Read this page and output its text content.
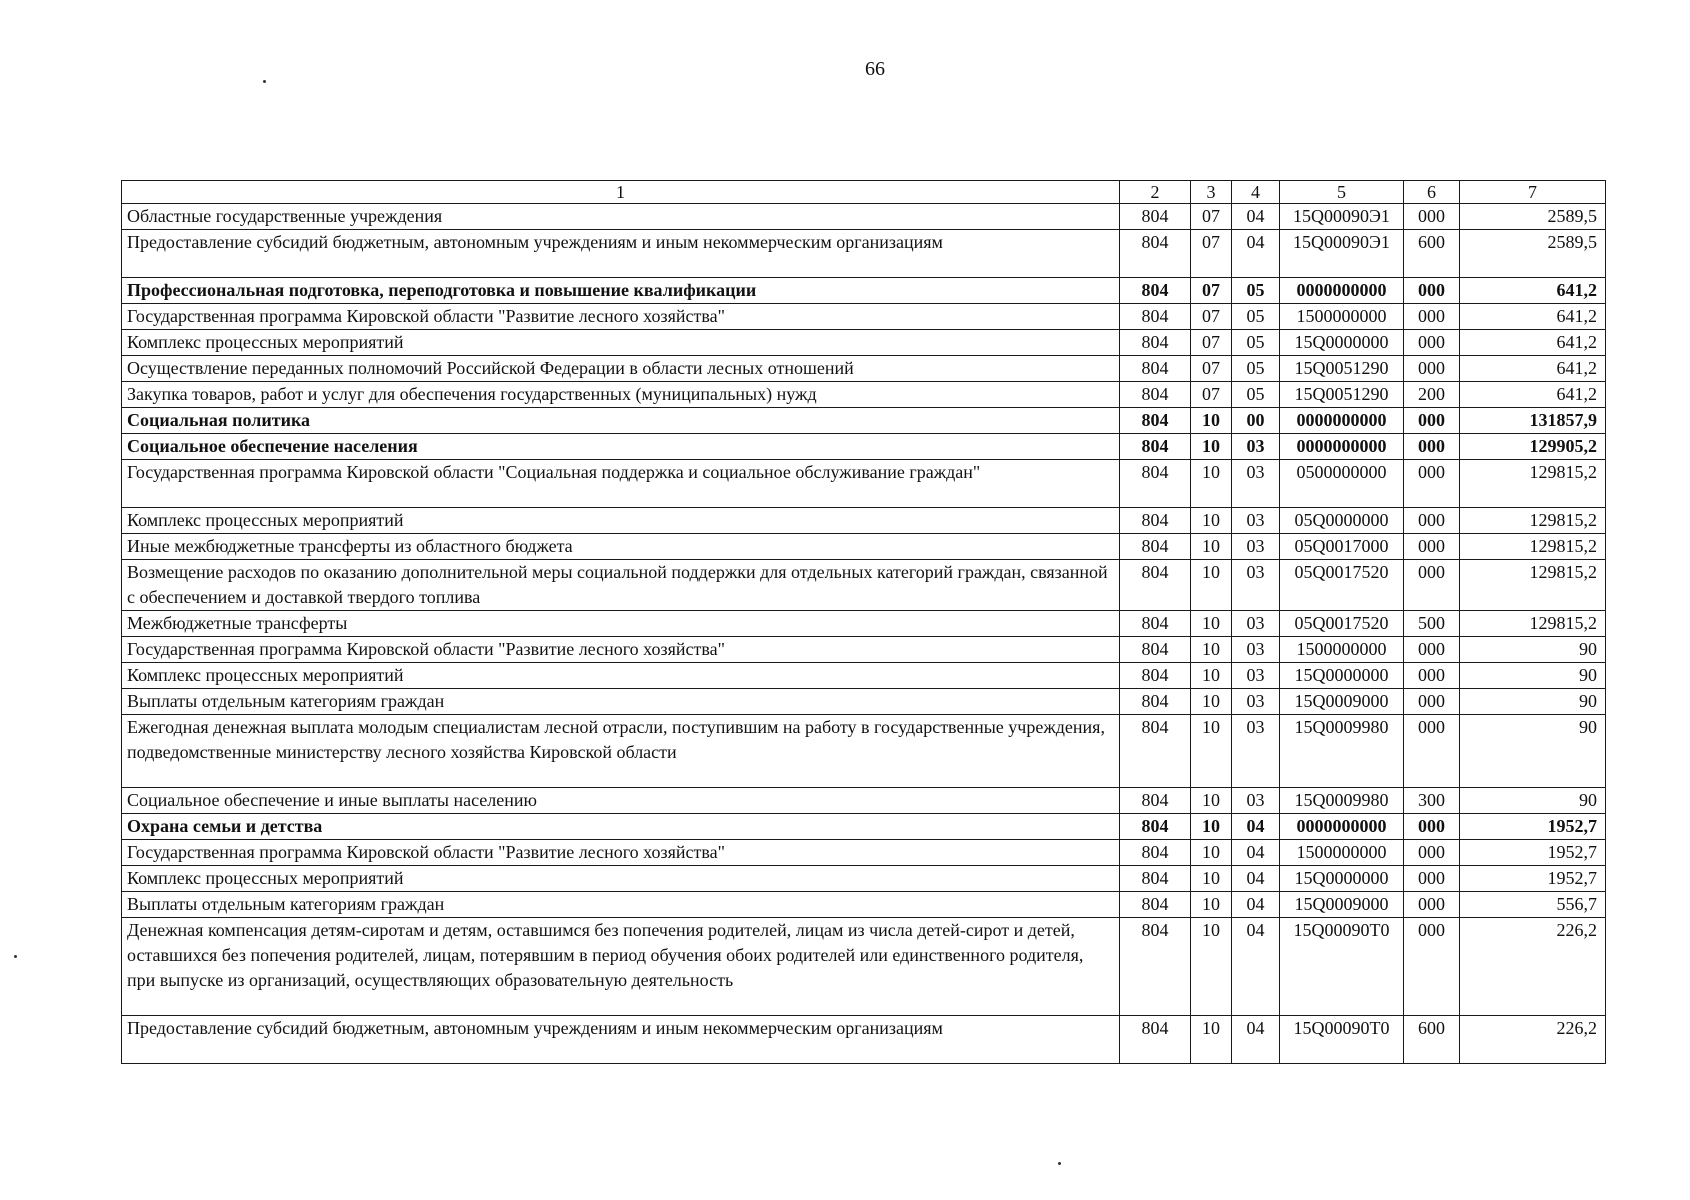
66
1	2	3	4	5	6	7
Областные государственные учреждения	804	07	04	15Q00090Э1	000	2589,5
Предоставление субсидий бюджетным, автономным учреждениям и иным некоммерческим организациям	804	07	04	15Q00090Э1	600	2589,5
Профессиональная подготовка, переподготовка и повышение квалификации	804	07	05	0000000000	000	641,2
Государственная программа Кировской области "Развитие лесного хозяйства"	804	07	05	1500000000	000	641,2
Комплекс процессных мероприятий	804	07	05	15Q0000000	000	641,2
Осуществление переданных полномочий Российской Федерации в области лесных отношений	804	07	05	15Q0051290	000	641,2
Закупка товаров, работ и услуг для обеспечения государственных (муниципальных) нужд	804	07	05	15Q0051290	200	641,2
Социальная политика	804	10	00	0000000000	000	131857,9
Социальное обеспечение населения	804	10	03	0000000000	000	129905,2
Государственная программа Кировской области "Социальная поддержка и социальное обслуживание граждан"	804	10	03	0500000000	000	129815,2
Комплекс процессных мероприятий	804	10	03	05Q0000000	000	129815,2
Иные межбюджетные трансферты из областного бюджета	804	10	03	05Q0017000	000	129815,2
Возмещение расходов по оказанию дополнительной меры социальной поддержки для отдельных категорий граждан, связанной с обеспечением и доставкой твердого топлива	804	10	03	05Q0017520	000	129815,2
Межбюджетные трансферты	804	10	03	05Q0017520	500	129815,2
Государственная программа Кировской области "Развитие лесного хозяйства"	804	10	03	1500000000	000	90
Комплекс процессных мероприятий	804	10	03	15Q0000000	000	90
Выплаты отдельным категориям граждан	804	10	03	15Q0009000	000	90
Ежегодная денежная выплата молодым специалистам лесной отрасли, поступившим на работу в государственные учреждения, подведомственные министерству лесного хозяйства Кировской области	804	10	03	15Q0009980	000	90
Социальное обеспечение и иные выплаты населению	804	10	03	15Q0009980	300	90
Охрана семьи и детства	804	10	04	0000000000	000	1952,7
Государственная программа Кировской области "Развитие лесного хозяйства"	804	10	04	1500000000	000	1952,7
Комплекс процессных мероприятий	804	10	04	15Q0000000	000	1952,7
Выплаты отдельным категориям граждан	804	10	04	15Q0009000	000	556,7
Денежная компенсация детям-сиротам и детям, оставшимся без попечения родителей, лицам из числа детей-сирот и детей, оставшихся без попечения родителей, лицам, потерявшим в период обучения обоих родителей или единственного родителя, при выпуске из организаций, осуществляющих образовательную деятельность	804	10	04	15Q00090Т0	000	226,2
Предоставление субсидий бюджетным, автономным учреждениям и иным некоммерческим организациям	804	10	04	15Q00090Т0	600	226,2
